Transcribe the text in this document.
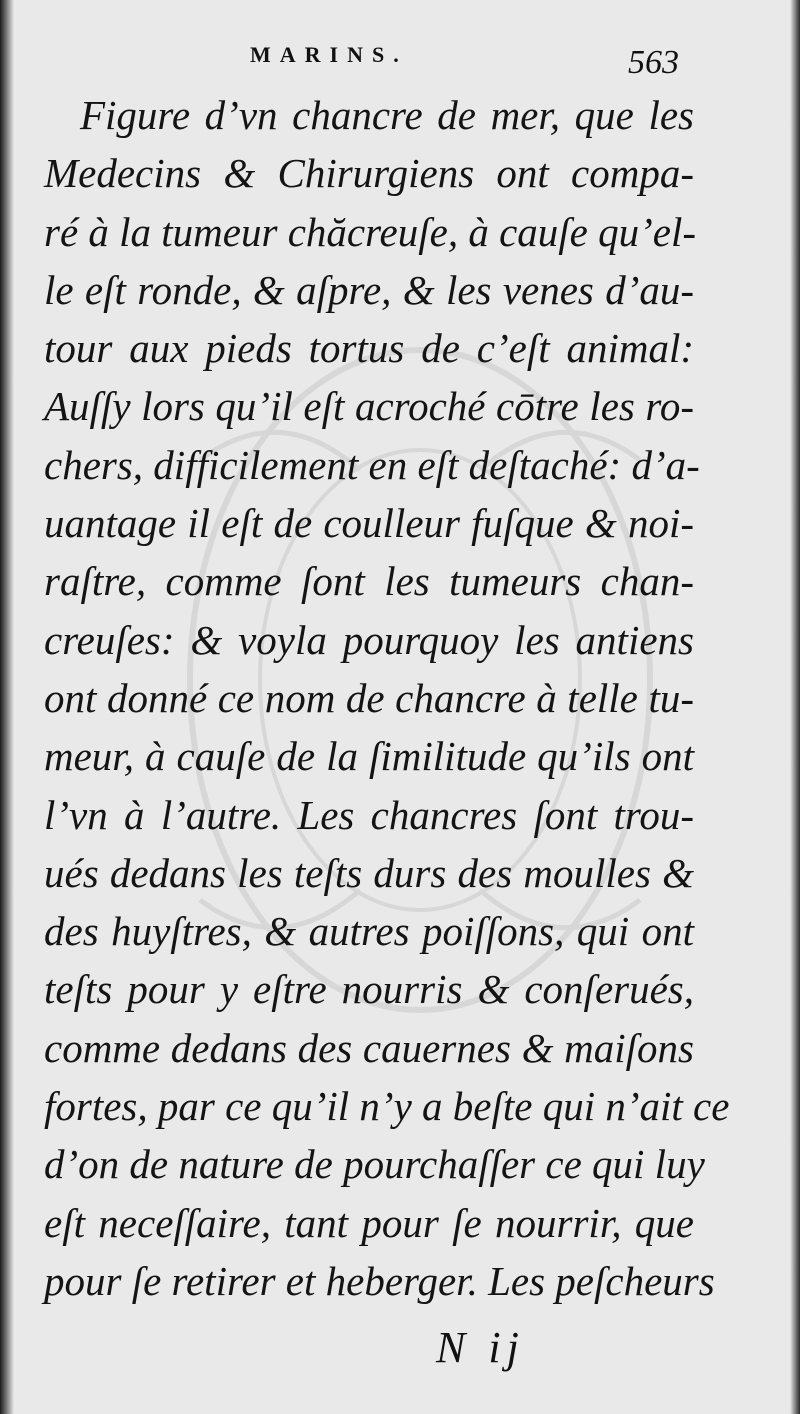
MARINS.	563
Figure d’vn chancre de mer, que les
Medecins & Chirurgiens ont compa-
ré à la tumeur chăcreuſe, à cauſe qu’el-
le eſt ronde, & aſpre, & les venes d’au-
tour aux pieds tortus de c’eſt animal:
Auſſy lors qu’il eſt acroché cōtre les ro-
chers, difficilement en eſt deſtaché: d’a-
uantage il eſt de coulleur fuſque & noi-
raſtre, comme ſont les tumeurs chan-
creuſes: & voyla pourquoy les antiens
ont donné ce nom de chancre à telle tu-
meur, à cauſe de la ſimilitude qu’ils ont
l’vn à l’autre. Les chancres ſont trou-
ués dedans les teſts durs des moulles &
des huyſtres, & autres poiſſons, qui ont
teſts pour y eſtre nourris & conſerués,
comme dedans des cauernes & maiſons
fortes, par ce qu’il n’y a beſte qui n’ait ce
d’on de nature de pourchaſſer ce qui luy
eſt neceſſaire, tant pour ſe nourrir, que
pour ſe retirer et heberger. Les peſcheurs
N ij
